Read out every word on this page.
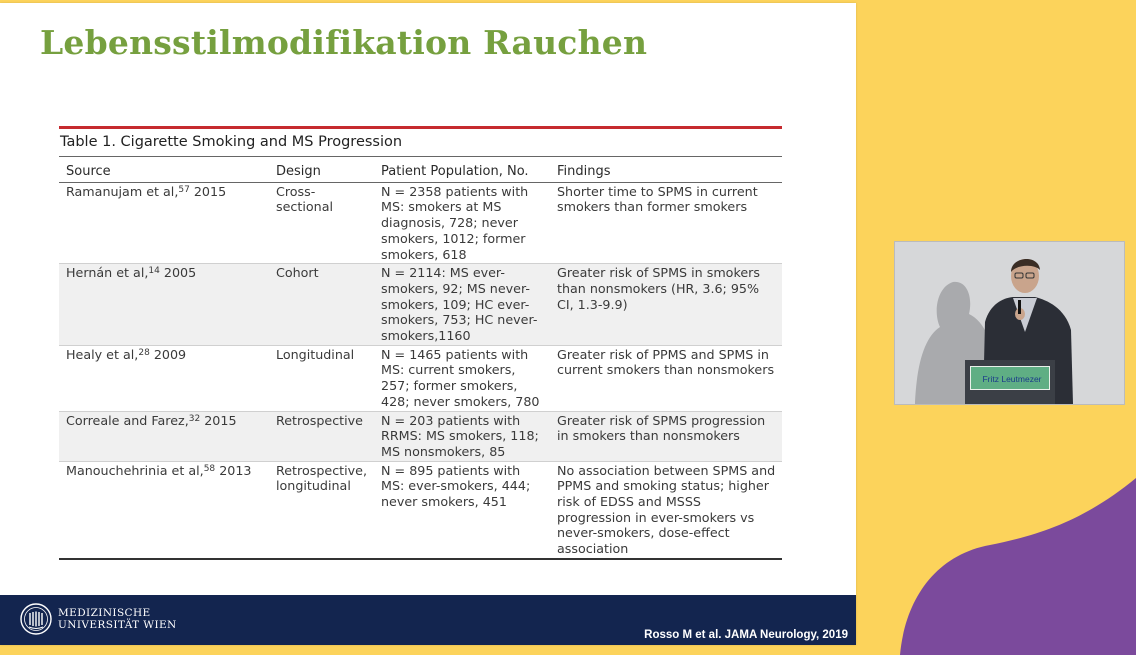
Lebensstilmodifikation Rauchen
Table 1. Cigarette Smoking and MS Progression
Source	Design	Patient Population, No.	Findings
Ramanujam et al,$^{57}$ 2015	Cross-sectional	N = 2358 patients with MS: smokers at MS diagnosis, 728; never smokers, 1012; former smokers, 618	Shorter time to SPMS in current smokers than former smokers
Hernán et al,$^{14}$ 2005	Cohort	N = 2114: MS ever-smokers, 92; MS never-smokers, 109; HC ever-smokers, 753; HC never-smokers,1160	Greater risk of SPMS in smokers than nonsmokers (HR, 3.6; 95% CI, 1.3-9.9)
Healy et al,$^{28}$ 2009	Longitudinal	N = 1465 patients with MS: current smokers, 257; former smokers, 428; never smokers, 780	Greater risk of PPMS and SPMS in current smokers than nonsmokers
Correale and Farez,$^{32}$ 2015	Retrospective	N = 203 patients with RRMS: MS smokers, 118; MS nonsmokers, 85	Greater risk of SPMS progression in smokers than nonsmokers
Manouchehrinia et al,$^{58}$ 2013	Retrospective, longitudinal	N = 895 patients with MS: ever-smokers, 444; never smokers, 451	No association between SPMS and PPMS and smoking status; higher risk of EDSS and MSSS progression in ever-smokers vs never-smokers, dose-effect association
MEDIZINISCHE
UNIVERSITÄT WIEN
Rosso M et al. JAMA Neurology, 2019
Fritz Leutmezer
